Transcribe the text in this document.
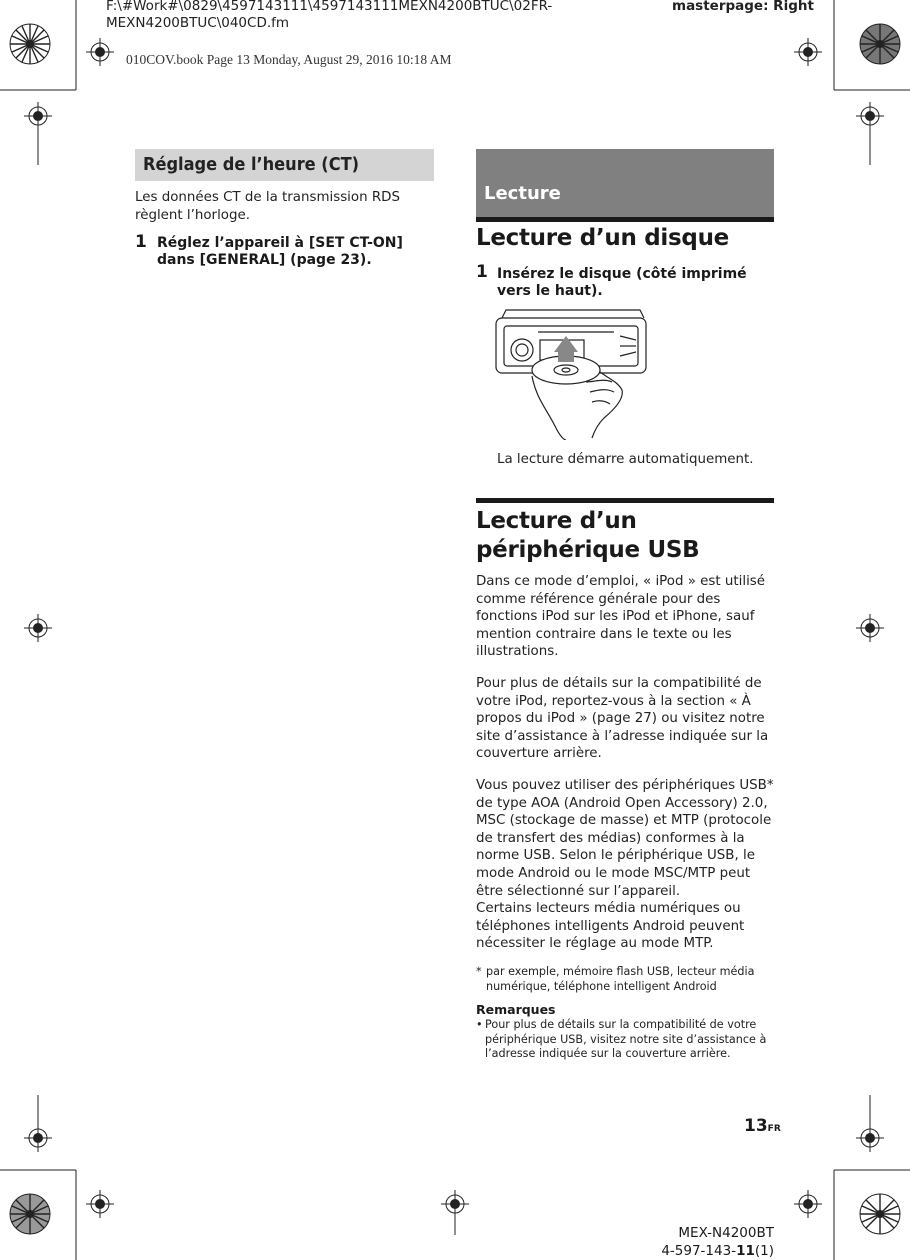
F:\#Work#\0829\4597143111\4597143111MEXN4200BTUC\02FR-
MEXN4200BTUC\040CD.fm
masterpage: Right
010COV.book Page 13 Monday, August 29, 2016 10:18 AM
Réglage de l’heure (CT)
Les données CT de la transmission RDS règlent l’horloge.
1 Réglez l’appareil à [SET CT-ON] dans [GENERAL] (page 23).
Lecture
Lecture d’un disque
1 Insérez le disque (côté imprimé vers le haut).
La lecture démarre automatiquement.
Lecture d’un périphérique USB

Dans ce mode d’emploi, « iPod » est utilisé comme référence générale pour des fonctions iPod sur les iPod et iPhone, sauf mention contraire dans le texte ou les illustrations.

Pour plus de détails sur la compatibilité de votre iPod, reportez-vous à la section « À propos du iPod » (page 27) ou visitez notre site d’assistance à l’adresse indiquée sur la couverture arrière.

Vous pouvez utiliser des périphériques USB* de type AOA (Android Open Accessory) 2.0, MSC (stockage de masse) et MTP (protocole de transfert des médias) conformes à la norme USB. Selon le périphérique USB, le mode Android ou le mode MSC/MTP peut être sélectionné sur l’appareil.

Certains lecteurs média numériques ou téléphones intelligents Android peuvent nécessiter le réglage au mode MTP.

* par exemple, mémoire flash USB, lecteur média numérique, téléphone intelligent Android
Remarques
• Pour plus de détails sur la compatibilité de votre périphérique USB, visitez notre site d’assistance à l’adresse indiquée sur la couverture arrière.
13FR
MEX-N4200BT
4-597-143-11(1)
